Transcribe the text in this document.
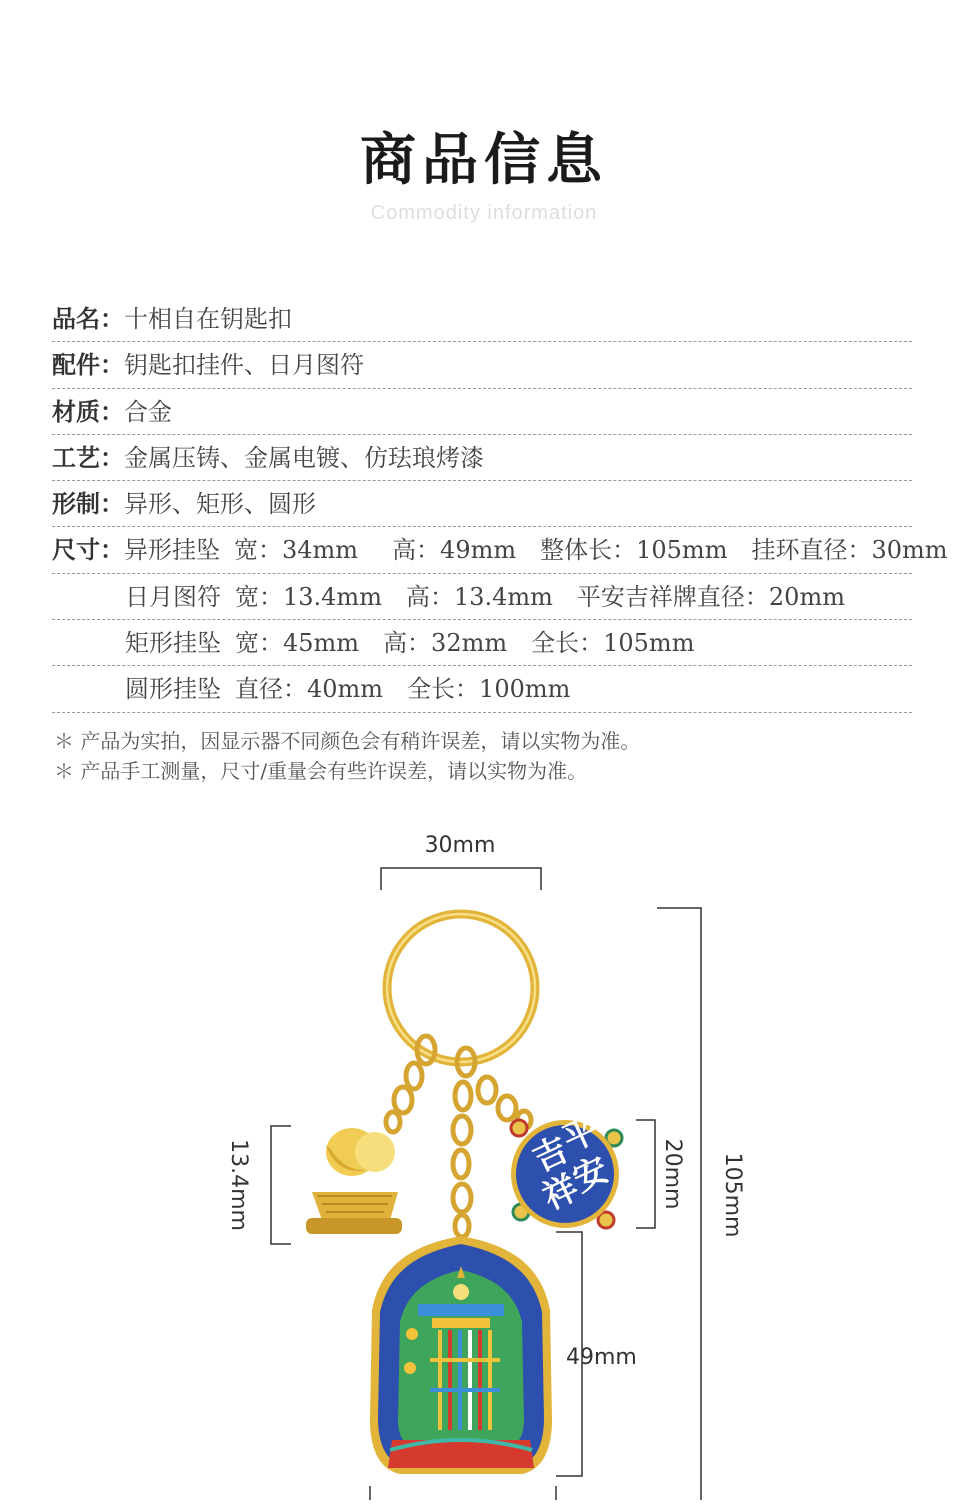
商品信息
Commodity information
品名：十相自在钥匙扣
配件：钥匙扣挂件、日月图符
材质：合金
工艺：金属压铸、金属电镀、仿珐琅烤漆
形制：异形、矩形、圆形
尺寸：异形挂坠 宽：34mm 高：49mm 整体长：105mm 挂环直径：30mm
日月图符 宽：13.4mm 高：13.4mm 平安吉祥牌直径：20mm
矩形挂坠 宽：45mm 高：32mm 全长：105mm
圆形挂坠 直径：40mm 全长：100mm
＊ 产品为实拍，因显示器不同颜色会有稍许误差，请以实物为准。
＊ 产品手工测量，尺寸/重量会有些许误差，请以实物为准。
30mm
105mm
13.4mm	20mm
49mm
吉
平
祥
安
